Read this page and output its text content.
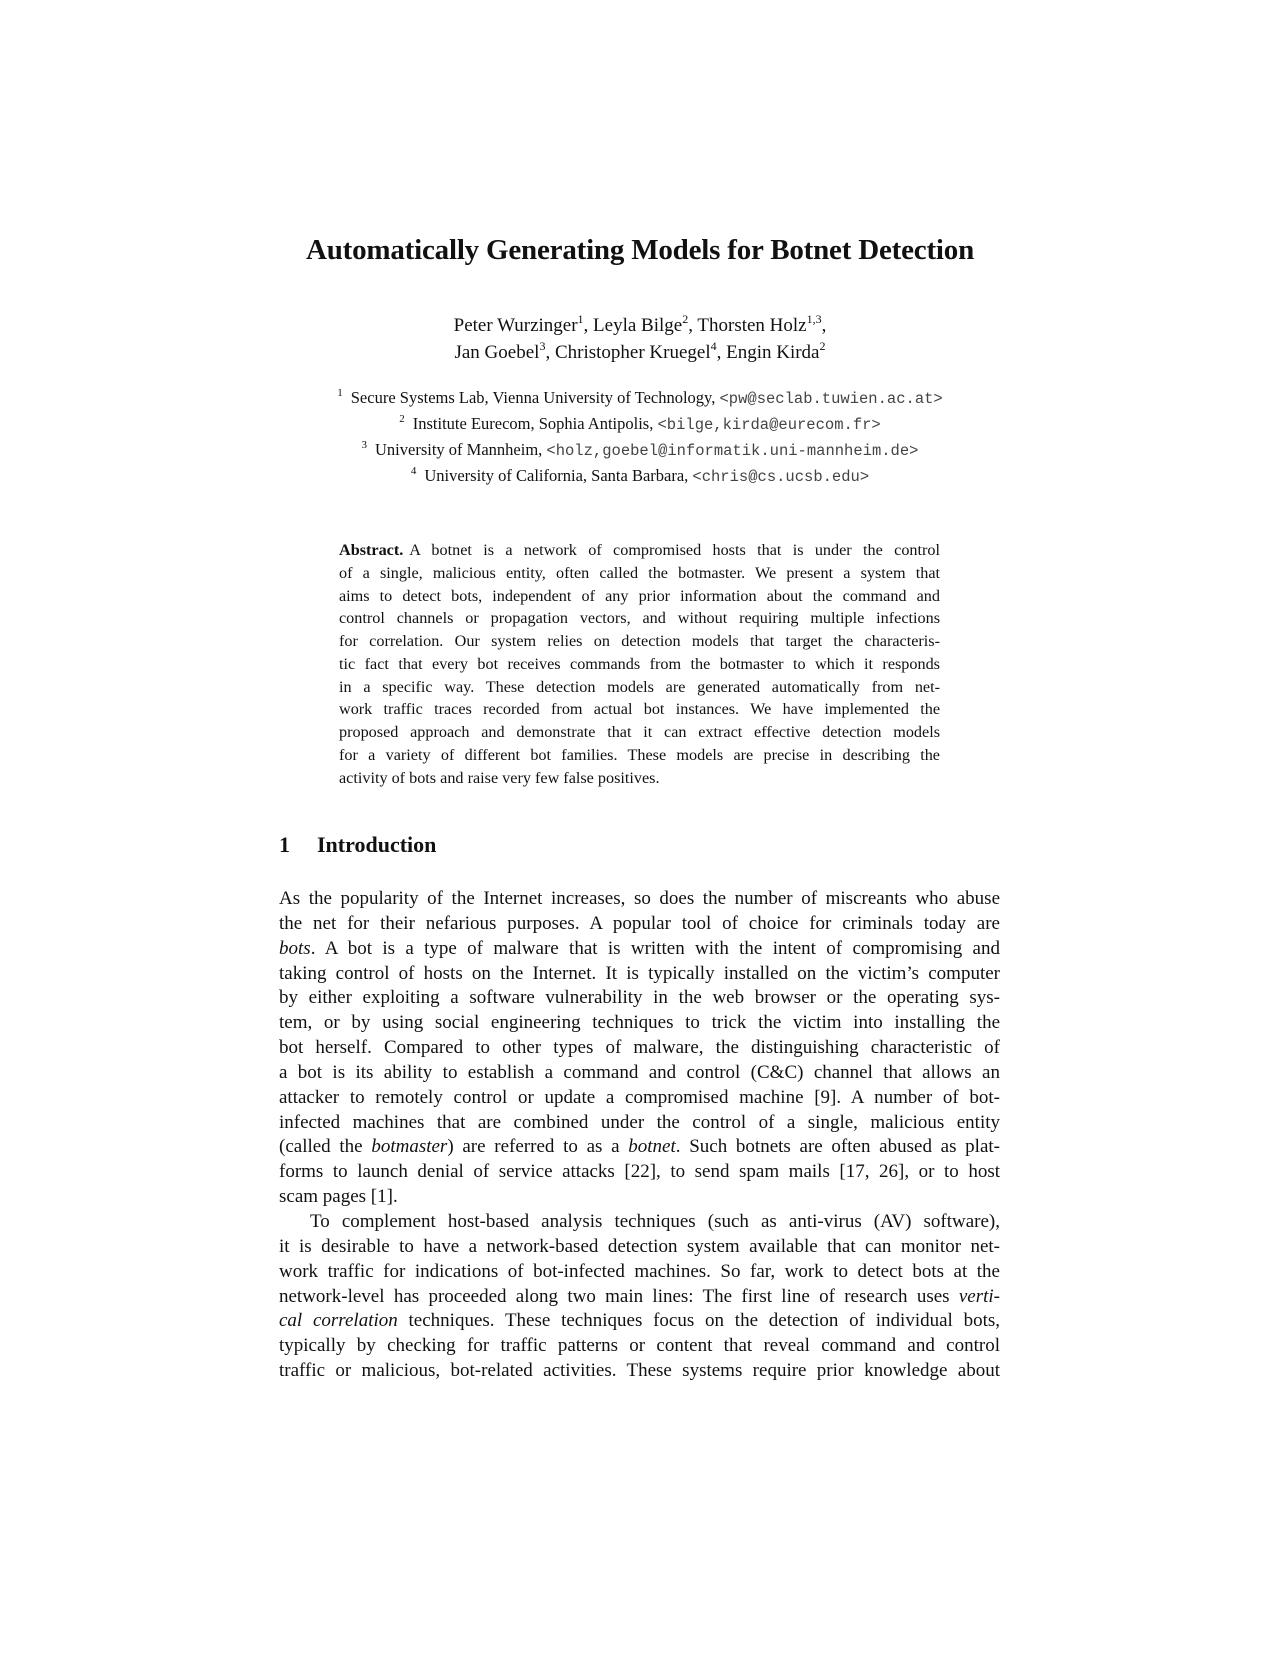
Automatically Generating Models for Botnet Detection
Peter Wurzinger$^1$, Leyla Bilge$^2$, Thorsten Holz$^{1,3}$,
Jan Goebel$^3$, Christopher Kruegel$^4$, Engin Kirda$^2$
$^1$ Secure Systems Lab, Vienna University of Technology, <pw@seclab.tuwien.ac.at>
$^2$ Institute Eurecom, Sophia Antipolis, <bilge,kirda@eurecom.fr>
$^3$ University of Mannheim, <holz,goebel@informatik.uni-mannheim.de>
$^4$ University of California, Santa Barbara, <chris@cs.ucsb.edu>
Abstract. A botnet is a network of compromised hosts that is under the control
of a single, malicious entity, often called the botmaster. We present a system that
aims to detect bots, independent of any prior information about the command and
control channels or propagation vectors, and without requiring multiple infections
for correlation. Our system relies on detection models that target the characteris-
tic fact that every bot receives commands from the botmaster to which it responds
in a specific way. These detection models are generated automatically from net-
work traffic traces recorded from actual bot instances. We have implemented the
proposed approach and demonstrate that it can extract effective detection models
for a variety of different bot families. These models are precise in describing the
activity of bots and raise very few false positives.
1 Introduction
As the popularity of the Internet increases, so does the number of miscreants who abuse
the net for their nefarious purposes. A popular tool of choice for criminals today are
bots. A bot is a type of malware that is written with the intent of compromising and
taking control of hosts on the Internet. It is typically installed on the victim’s computer
by either exploiting a software vulnerability in the web browser or the operating sys-
tem, or by using social engineering techniques to trick the victim into installing the
bot herself. Compared to other types of malware, the distinguishing characteristic of
a bot is its ability to establish a command and control (C&C) channel that allows an
attacker to remotely control or update a compromised machine [9]. A number of bot-
infected machines that are combined under the control of a single, malicious entity
(called the botmaster) are referred to as a botnet. Such botnets are often abused as plat-
forms to launch denial of service attacks [22], to send spam mails [17, 26], or to host
scam pages [1].
To complement host-based analysis techniques (such as anti-virus (AV) software),
it is desirable to have a network-based detection system available that can monitor net-
work traffic for indications of bot-infected machines. So far, work to detect bots at the
network-level has proceeded along two main lines: The first line of research uses verti-
cal correlation techniques. These techniques focus on the detection of individual bots,
typically by checking for traffic patterns or content that reveal command and control
traffic or malicious, bot-related activities. These systems require prior knowledge about
